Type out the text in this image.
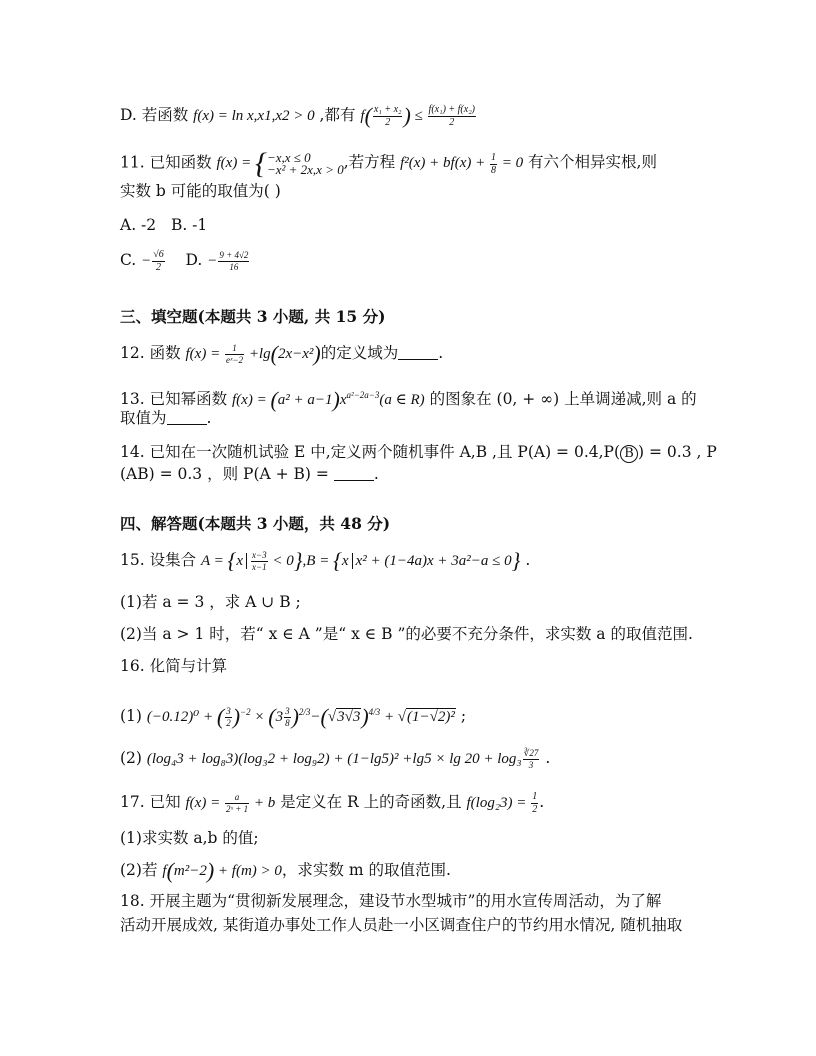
D. 若函数 f(x) = ln x,x1,x2 > 0 ,都有 $f( \frac{\text{x₁ + x₂}}{2}$ ) ≤ $\frac{\text{f(x₁) + f(x₂)}}{2}$
11. 已知函数 f(x) = {−x,x ≤ 0
−x² + 2x,x > 0,若方程 $f^2(x) + bf(x) + \frac{1}{8} = 0$ 有六个相异实根,则
实数 b 可能的取值为( )
A. -2 B. -1
C. − $\frac{√6}{2} D$. − $\frac{9 + 4√2}{16}$
三、填空题(本题共 3 小题, 共 15 分)
12. 函数 $f(x) = \frac{1}{\text{eˣ−2}} +\lg(2x-x^2)$的定义域为	.
13. 已知幂函数 $f(x) = (a^2 + a-1)x^{a^2-2a-3}(a$ ∈ R) 的图象在 (0, + ∞) 上单调递减,则 a 的
取值为	.
14. 已知在一次随机试验 E 中,定义两个随机事件 A,B ,且 P(A) = 0.4,P( B ) = 0.3 , P
(AB) = 0.3 ，则 P(A + B) =	.
四、解答题(本题共 3 小题，共 48 分)
15. 设集合 $A = \{x \frac{x-3}{x-1} < 0\},B = \{x$ x² + (1−4a)x + 3a²−a ≤ 0} .
(1)若 a = 3 ，求 A ∪ B ;
(2)当 a > 1 时，若“ x ∈ A ”是“ x ∈ B ”的必要不充分条件，求实数 a 的取值范围.
16. 化简与计算
(1) (−0.12)⁰ + ( $\frac{3}{2} )^{-2} \times (3 \frac{3}{8} )^{2/3}-(√3√3)^{4/3} + √(1-√2)^2$ ;
(2) $(\log_43 + \log_83)(\log_32 + \log_92) + (1-\lg 5)^2 +\lg 5 \times \lg 20 + \log_3 \frac{∛27}{3}$ .
17. 已知 $f(x) = \frac{a}{\text{2ˣ + 1}} + b$ 是定义在 R 上的奇函数,且 $f(\log_23) = \frac{1}{2}$ .
(1)求实数 a,b 的值;
(2)若 f(m²−2) + f(m) > 0，求实数 m 的取值范围.
18. 开展主题为“贯彻新发展理念，建设节水型城市”的用水宣传周活动，为了解
活动开展成效, 某街道办事处工作人员赴一小区调查住户的节约用水情况, 随机抽取
